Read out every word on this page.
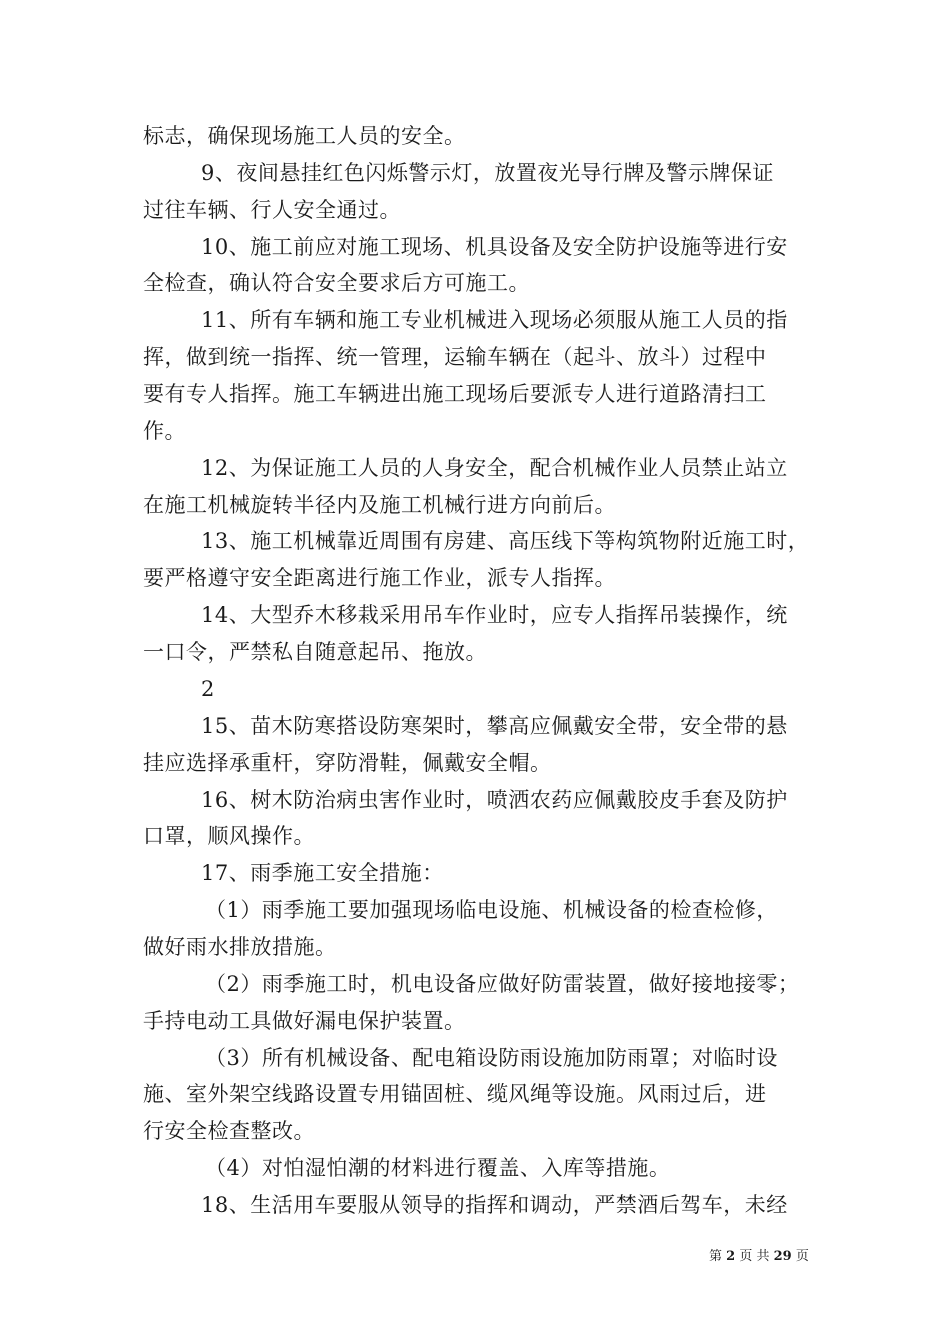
标志，确保现场施工人员的安全。
9、夜间悬挂红色闪烁警示灯，放置夜光导行牌及警示牌保证
过往车辆、行人安全通过。
10、施工前应对施工现场、机具设备及安全防护设施等进行安
全检查，确认符合安全要求后方可施工。
11、所有车辆和施工专业机械进入现场必须服从施工人员的指
挥，做到统一指挥、统一管理，运输车辆在（起斗、放斗）过程中
要有专人指挥。施工车辆进出施工现场后要派专人进行道路清扫工
作。
12、为保证施工人员的人身安全，配合机械作业人员禁止站立
在施工机械旋转半径内及施工机械行进方向前后。
13、施工机械靠近周围有房建、高压线下等构筑物附近施工时，
要严格遵守安全距离进行施工作业，派专人指挥。
14、大型乔木移栽采用吊车作业时，应专人指挥吊装操作，统
一口令，严禁私自随意起吊、拖放。
2
15、苗木防寒搭设防寒架时，攀高应佩戴安全带，安全带的悬
挂应选择承重杆，穿防滑鞋，佩戴安全帽。
16、树木防治病虫害作业时，喷洒农药应佩戴胶皮手套及防护
口罩，顺风操作。
17、雨季施工安全措施：
（1）雨季施工要加强现场临电设施、机械设备的检查检修，
做好雨水排放措施。
（2）雨季施工时，机电设备应做好防雷装置，做好接地接零；
手持电动工具做好漏电保护装置。
（3）所有机械设备、配电箱设防雨设施加防雨罩；对临时设
施、室外架空线路设置专用锚固桩、缆风绳等设施。风雨过后，进
行安全检查整改。
（4）对怕湿怕潮的材料进行覆盖、入库等措施。
18、生活用车要服从领导的指挥和调动，严禁酒后驾车，未经
第 2 页 共 29 页
